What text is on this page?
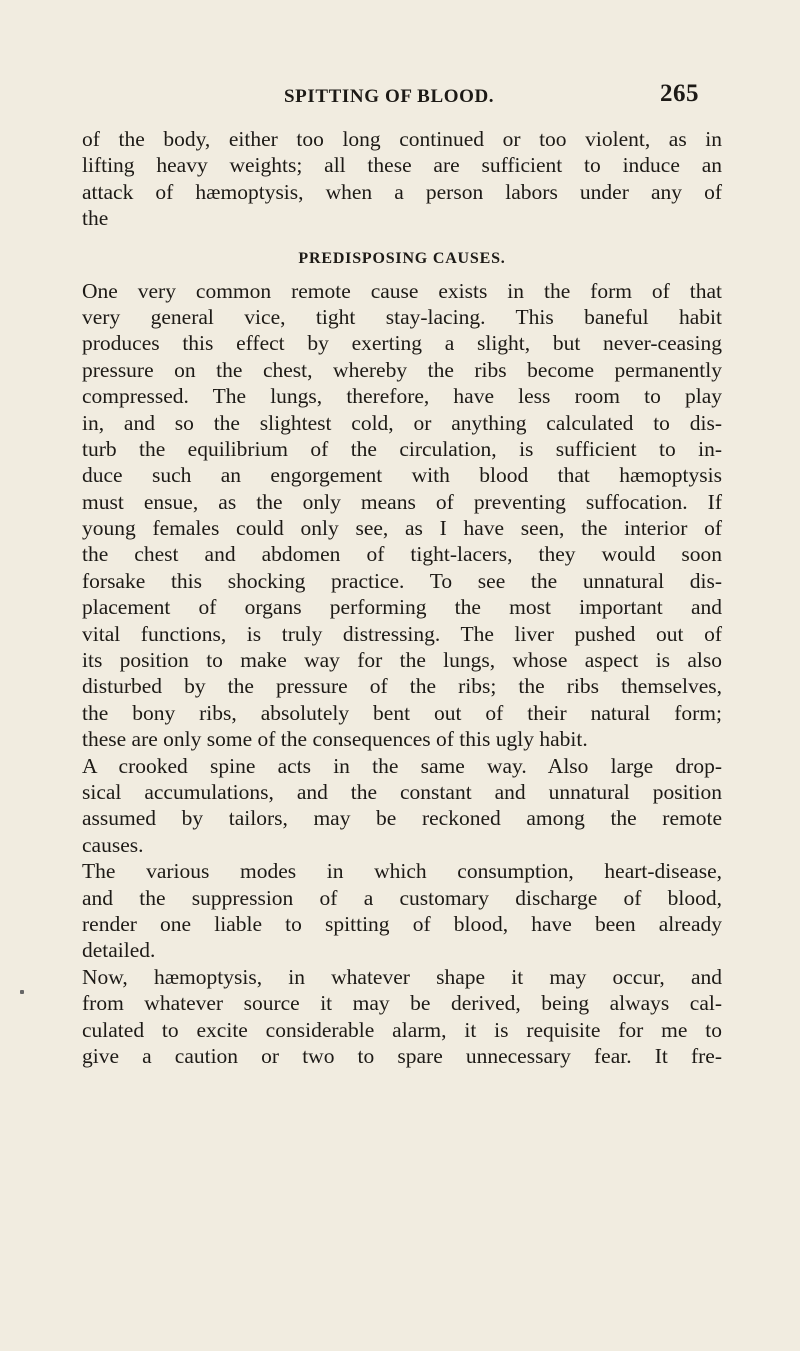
SPITTING OF BLOOD.	265
of the body, either too long continued or too violent, as in
lifting heavy weights; all these are sufficient to induce an
attack of hæmoptysis, when a person labors under any of
the
PREDISPOSING CAUSES.
One very common remote cause exists in the form of that
very general vice, tight stay-lacing. This baneful habit
produces this effect by exerting a slight, but never-ceasing
pressure on the chest, whereby the ribs become permanently
compressed. The lungs, therefore, have less room to play
in, and so the slightest cold, or anything calculated to dis-
turb the equilibrium of the circulation, is sufficient to in-
duce such an engorgement with blood that hæmoptysis
must ensue, as the only means of preventing suffocation. If
young females could only see, as I have seen, the interior of
the chest and abdomen of tight-lacers, they would soon
forsake this shocking practice. To see the unnatural dis-
placement of organs performing the most important and
vital functions, is truly distressing. The liver pushed out of
its position to make way for the lungs, whose aspect is also
disturbed by the pressure of the ribs; the ribs themselves,
the bony ribs, absolutely bent out of their natural form;
these are only some of the consequences of this ugly habit.
A crooked spine acts in the same way. Also large drop-
sical accumulations, and the constant and unnatural position
assumed by tailors, may be reckoned among the remote
causes.
The various modes in which consumption, heart-disease,
and the suppression of a customary discharge of blood,
render one liable to spitting of blood, have been already
detailed.
Now, hæmoptysis, in whatever shape it may occur, and
from whatever source it may be derived, being always cal-
culated to excite considerable alarm, it is requisite for me to
give a caution or two to spare unnecessary fear. It fre-
